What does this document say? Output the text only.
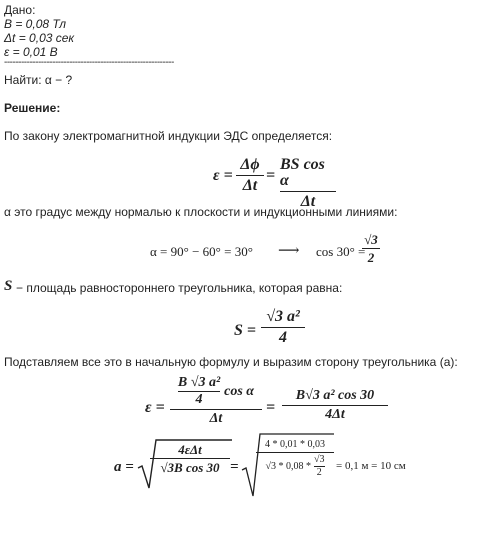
Дано:
B = 0,08 Тл
Δt = 0,03 сек
ε = 0,01 В
------------------------------------------------------------
Найти: α − ?
Решение:
По закону электромагнитной индукции ЭДС определяется:
ε =
Δϕ
Δt
=
BS cos α
Δt
α это градус между нормалью к плоскости и индукционными линиями:
α = 90° − 60° = 30° ⟶ cos 30° =
√3
2
S − площадь равностороннего треугольника, которая равна:
S =
√3 a²
4
Подставляем все это в начальную формулу и выразим сторону треугольника (a):
ε =
B √3 a²
4
cos α
Δt
=
B√3 a² cos 30
4Δt
a =
4εΔt
√3B cos 30 =
4 * 0,01 * 0,03
√3 * 0,08 *
√3
2
= 0,1 м = 10 см
